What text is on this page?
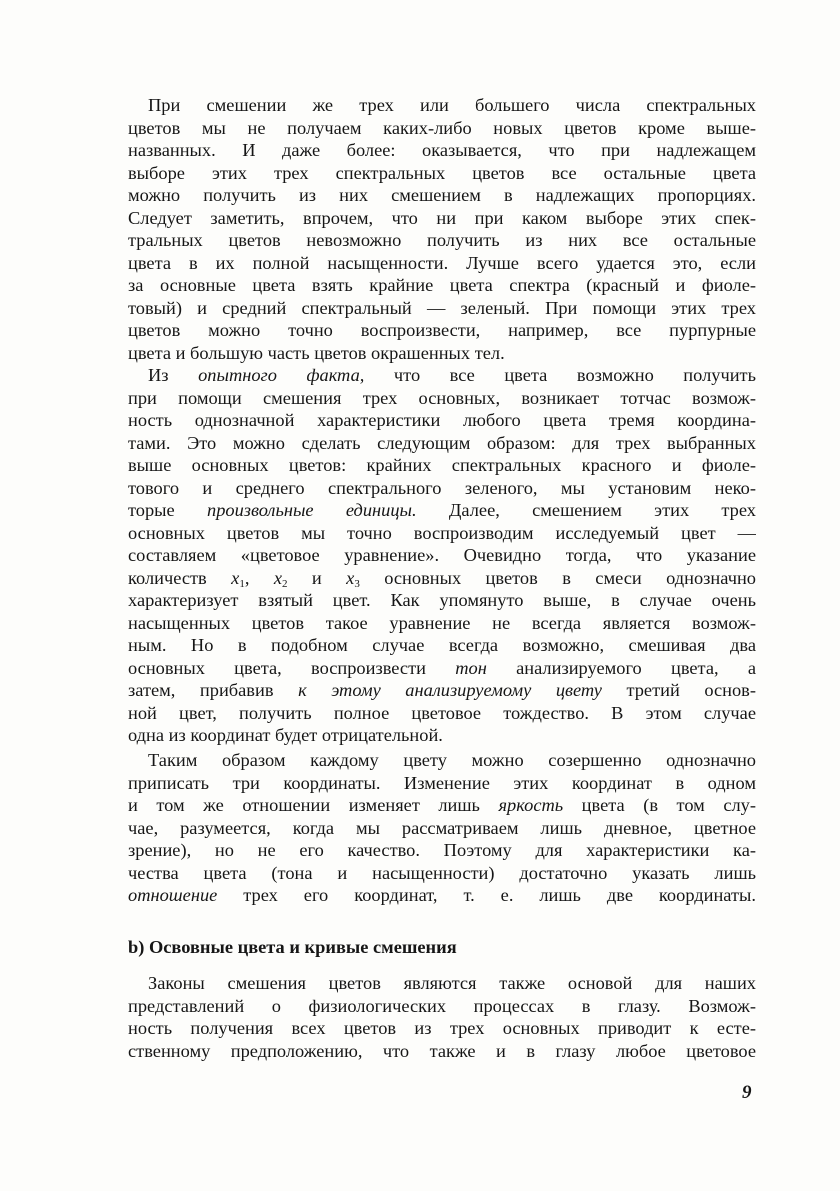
При смешении же трех или большего числа спектральных
цветов мы не получаем каких-либо новых цветов кроме выше-
названных. И даже более: оказывается, что при надлежащем
выборе этих трех спектральных цветов все остальные цвета
можно получить из них смешением в надлежащих пропорциях.
Следует заметить, впрочем, что ни при каком выборе этих спек-
тральных цветов невозможно получить из них все остальные
цвета в их полной насыщенности. Лучше всего удается это, если
за основные цвета взять крайние цвета спектра (красный и фиоле-
товый) и средний спектральный — зеленый. При помощи этих трех
цветов можно точно воспроизвести, например, все пурпурные
цвета и большую часть цветов окрашенных тел.
Из опытного факта, что все цвета возможно получить
при помощи смешения трех основных, возникает тотчас возмож-
ность однозначной характеристики любого цвета тремя координа-
тами. Это можно сделать следующим образом: для трех выбранных
выше основных цветов: крайних спектральных красного и фиоле-
тового и среднего спектрального зеленого, мы установим неко-
торые произвольные единицы. Далее, смешением этих трех
основных цветов мы точно воспроизводим исследуемый цвет —
составляем «цветовое уравнение». Очевидно тогда, что указание
количеств $x_1$, $x_2$ и $x_3$ основных цветов в смеси однозначно
характеризует взятый цвет. Как упомянуто выше, в случае очень
насыщенных цветов такое уравнение не всегда является возмож-
ным. Но в подобном случае всегда возможно, смешивая два
основных цвета, воспроизвести тон анализируемого цвета, а
затем, прибавив к этому анализируемому цвету третий основ-
ной цвет, получить полное цветовое тождество. В этом случае
одна из координат будет отрицательной.
Таким образом каждому цвету можно созершенно однозначно
приписать три координаты. Изменение этих координат в одном
и том же отношении изменяет лишь яркость цвета (в том слу-
чае, разумеется, когда мы рассматриваем лишь дневное, цветное
зрение), но не его качество. Поэтому для характеристики ка-
чества цвета (тона и насыщенности) достаточно указать лишь
отношение трех его координат, т. е. лишь две координаты.
b) Освовные цвета и кривые смешения
Законы смешения цветов являются также основой для наших
представлений о физиологических процессах в глазу. Возмож-
ность получения всех цветов из трех основных приводит к есте-
ственному предположению, что также и в глазу любое цветовое
9
